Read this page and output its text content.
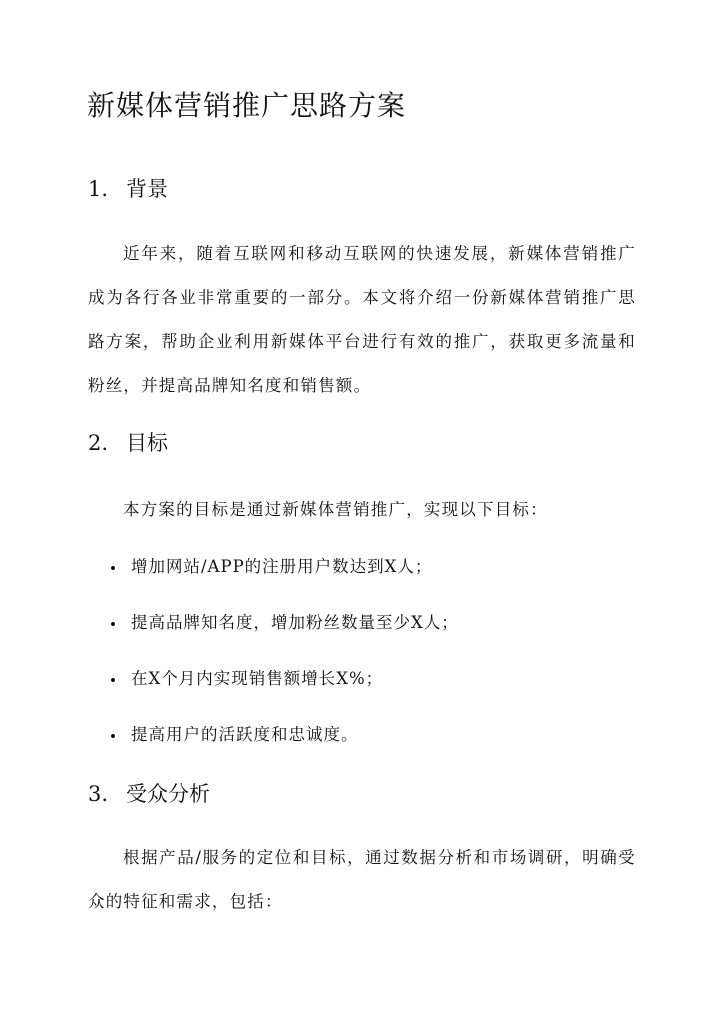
新媒体营销推广思路方案
1. 背景

近年来，随着互联网和移动互联网的快速发展，新媒体营销推广成为各行各业非常重要的一部分。本文将介绍一份新媒体营销推广思路方案，帮助企业利用新媒体平台进行有效的推广，获取更多流量和粉丝，并提高品牌知名度和销售额。

2. 目标

本方案的目标是通过新媒体营销推广，实现以下目标：

增加网站/APP的注册用户数达到X人；
提高品牌知名度，增加粉丝数量至少X人；
在X个月内实现销售额增长X%；
提高用户的活跃度和忠诚度。
3. 受众分析

根据产品/服务的定位和目标，通过数据分析和市场调研，明确受众的特征和需求，包括：
